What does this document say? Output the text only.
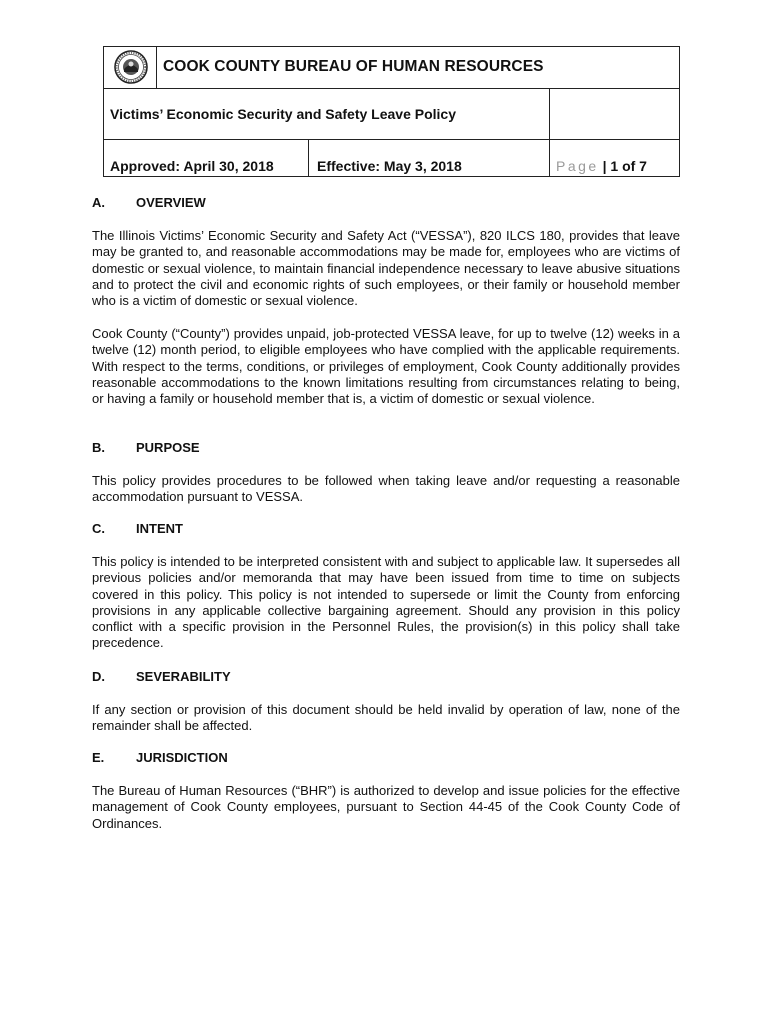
COOK COUNTY BUREAU OF HUMAN RESOURCES
Victims’ Economic Security and Safety Leave Policy
Approved: April 30, 2018	Effective: May 3, 2018	Page | 1 of 7
A.	OVERVIEW

The Illinois Victims’ Economic Security and Safety Act (“VESSA”), 820 ILCS 180, provides that leave may be granted to, and reasonable accommodations may be made for, employees who are victims of domestic or sexual violence, to maintain financial independence necessary to leave abusive situations and to protect the civil and economic rights of such employees, or their family or household member who is a victim of domestic or sexual violence.

Cook County (“County”) provides unpaid, job-protected VESSA leave, for up to twelve (12) weeks in a twelve (12) month period, to eligible employees who have complied with the applicable requirements. With respect to the terms, conditions, or privileges of employment, Cook County additionally provides reasonable accommodations to the known limitations resulting from circumstances relating to being, or having a family or household member that is, a victim of domestic or sexual violence.

B.	PURPOSE

This policy provides procedures to be followed when taking leave and/or requesting a reasonable accommodation pursuant to VESSA.

C.	INTENT

This policy is intended to be interpreted consistent with and subject to applicable law. It supersedes all previous policies and/or memoranda that may have been issued from time to time on subjects covered in this policy. This policy is not intended to supersede or limit the County from enforcing provisions in any applicable collective bargaining agreement. Should any provision in this policy conflict with a specific provision in the Personnel Rules, the provision(s) in this policy shall take precedence.

D.	SEVERABILITY

If any section or provision of this document should be held invalid by operation of law, none of the remainder shall be affected.

E.	JURISDICTION

The Bureau of Human Resources (“BHR”) is authorized to develop and issue policies for the effective management of Cook County employees, pursuant to Section 44-45 of the Cook County Code of Ordinances.
